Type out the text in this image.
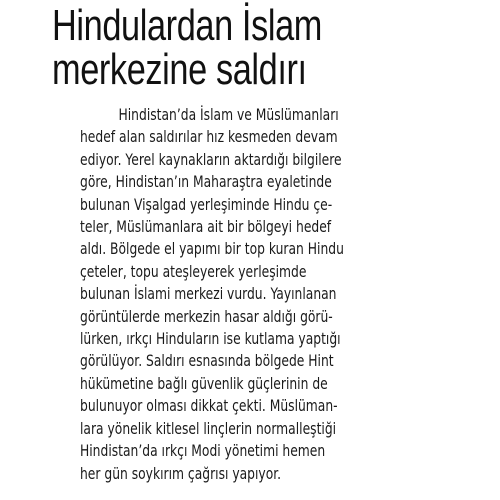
Hindulardan İslam
merkezine saldırı
Hindistan’da İslam ve Müslümanları
hedef alan saldırılar hız kesmeden devam
ediyor. Yerel kaynakların aktardığı bilgilere
göre, Hindistan’ın Maharaştra eyaletinde
bulunan Vişalgad yerleşiminde Hindu çe-
teler, Müslümanlara ait bir bölgeyi hedef
aldı. Bölgede el yapımı bir top kuran Hindu
çeteler, topu ateşleyerek yerleşimde
bulunan İslami merkezi vurdu. Yayınlanan
görüntülerde merkezin hasar aldığı görü-
lürken, ırkçı Hinduların ise kutlama yaptığı
görülüyor. Saldırı esnasında bölgede Hint
hükümetine bağlı güvenlik güçlerinin de
bulunuyor olması dikkat çekti. Müslüman-
lara yönelik kitlesel linçlerin normalleştiği
Hindistan’da ırkçı Modi yönetimi hemen
her gün soykırım çağrısı yapıyor.
